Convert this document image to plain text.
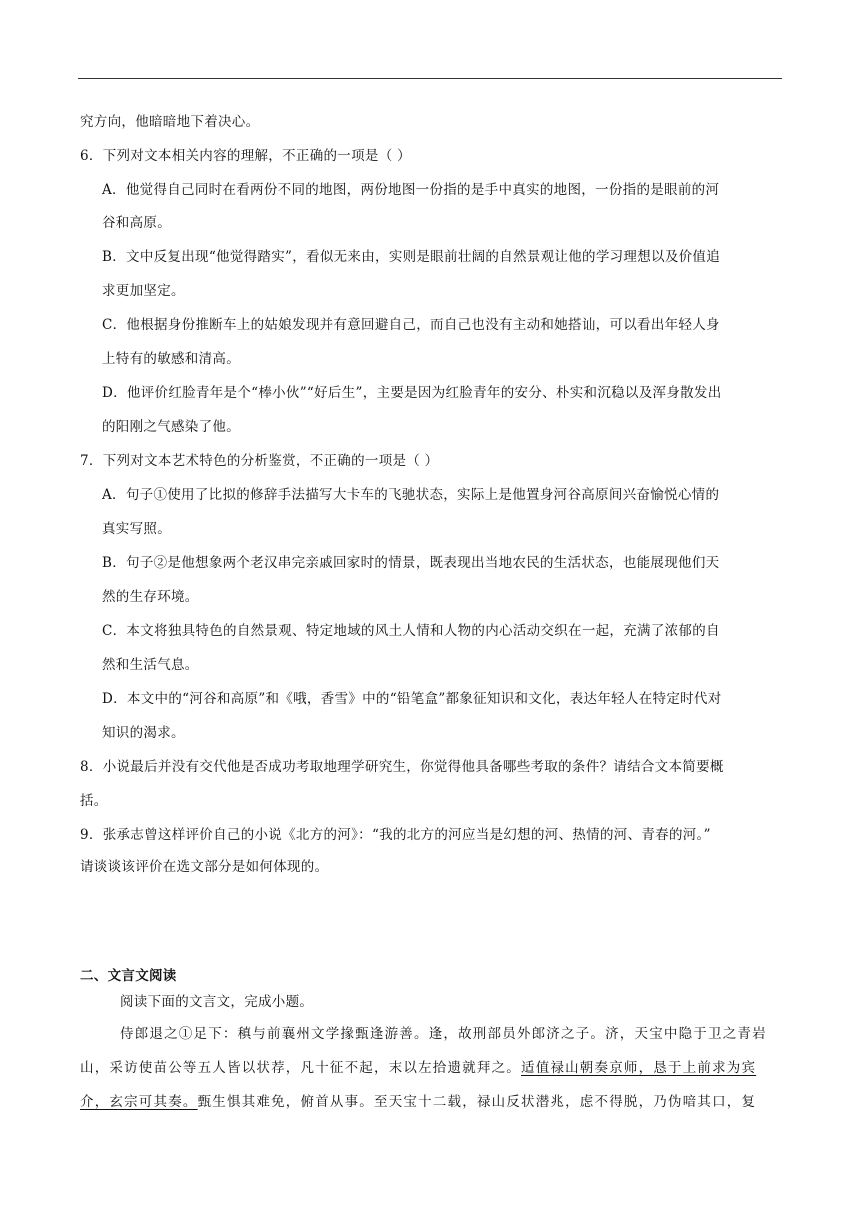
究方向，他暗暗地下着决心。
6．下列对文本相关内容的理解，不正确的一项是（ ）
A．他觉得自己同时在看两份不同的地图，两份地图一份指的是手中真实的地图，一份指的是眼前的河
谷和高原。
B．文中反复出现“他觉得踏实”，看似无来由，实则是眼前壮阔的自然景观让他的学习理想以及价值追
求更加坚定。
C．他根据身份推断车上的姑娘发现并有意回避自己，而自己也没有主动和她搭讪，可以看出年轻人身
上特有的敏感和清高。
D．他评价红脸青年是个“棒小伙”“好后生”，主要是因为红脸青年的安分、朴实和沉稳以及浑身散发出
的阳刚之气感染了他。
7．下列对文本艺术特色的分析鉴赏，不正确的一项是（ ）
A．句子①使用了比拟的修辞手法描写大卡车的飞驰状态，实际上是他置身河谷高原间兴奋愉悦心情的
真实写照。
B．句子②是他想象两个老汉串完亲戚回家时的情景，既表现出当地农民的生活状态，也能展现他们天
然的生存环境。
C．本文将独具特色的自然景观、特定地域的风土人情和人物的内心活动交织在一起，充满了浓郁的自
然和生活气息。
D．本文中的“河谷和高原”和《哦，香雪》中的“铅笔盒”都象征知识和文化，表达年轻人在特定时代对
知识的渴求。
8．小说最后并没有交代他是否成功考取地理学研究生，你觉得他具备哪些考取的条件？请结合文本简要概
括。
9．张承志曾这样评价自己的小说《北方的河》：“我的北方的河应当是幻想的河、热情的河、青春的河。”
请谈谈该评价在选文部分是如何体现的。
二、文言文阅读
阅读下面的文言文，完成小题。
侍郎退之①足下：稹与前襄州文学掾甄逢游善。逢，故刑部员外郎济之子。济，天宝中隐于卫之青岩
山，采访使苗公等五人皆以状荐，凡十征不起，末以左拾遗就拜之。适值禄山朝奏京师，恳于上前求为宾
介，玄宗可其奏。甄生惧其难免，俯首从事。至天宝十二载，禄山反状潜兆，虑不得脱，乃伪喑其口，复
